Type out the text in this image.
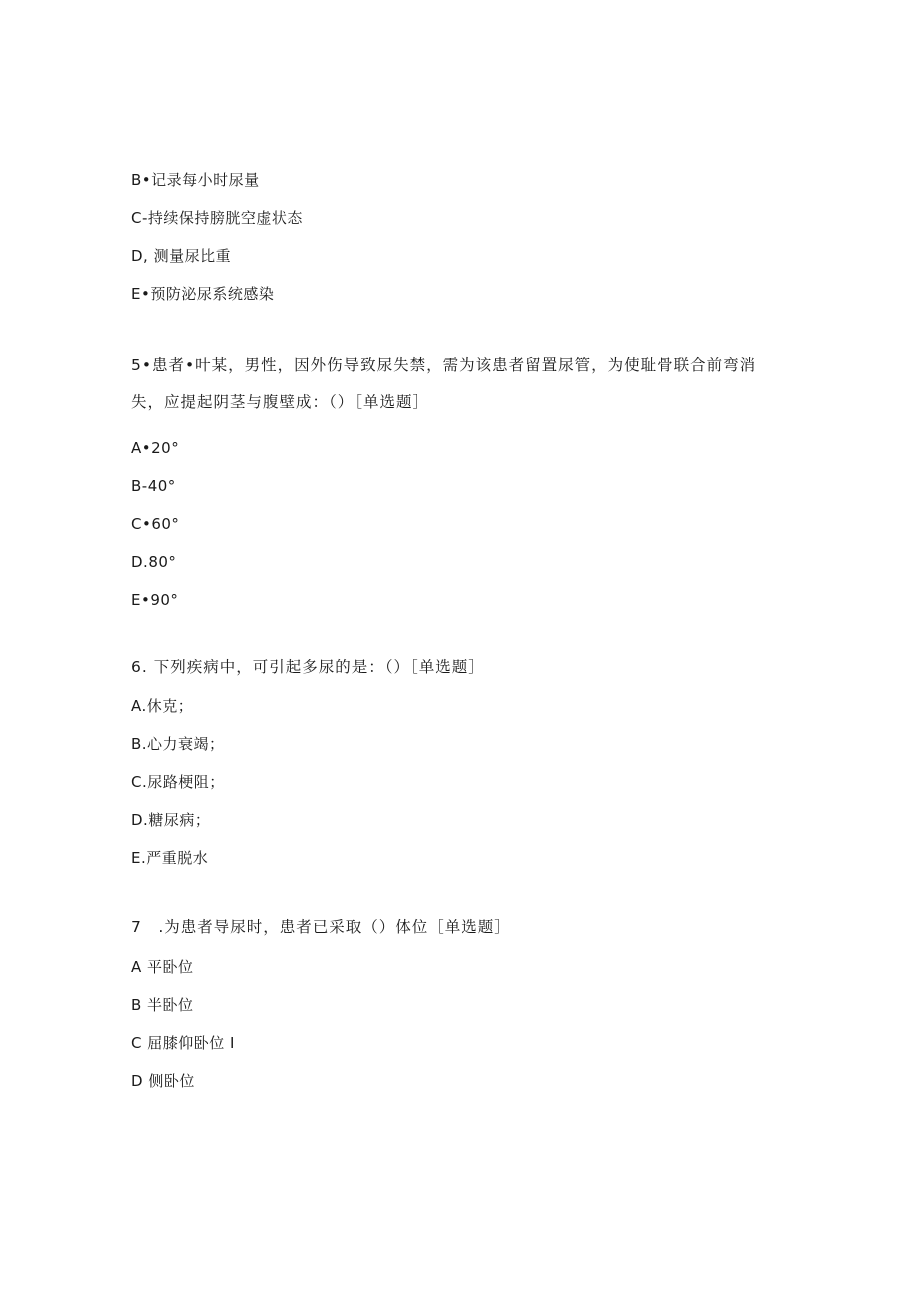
B•记录每小时尿量
C-持续保持膀胱空虚状态
D, 测量尿比重
E•预防泌尿系统感染
5•患者•叶某，男性，因外伤导致尿失禁，需为该患者留置尿管，为使耻骨联合前弯消
失，应提起阴茎与腹壁成：（）［单选题］
A•20°
B-40°
C•60°
D.80°
E•90°
6. 下列疾病中，可引起多尿的是：（）［单选题］
A.休克；
B.心力衰竭；
C.尿路梗阻；
D.糖尿病；
E.严重脱水
7　.为患者导尿时，患者已采取（）体位［单选题］
A 平卧位
B 半卧位
C 屈膝仰卧位 I
D 侧卧位
